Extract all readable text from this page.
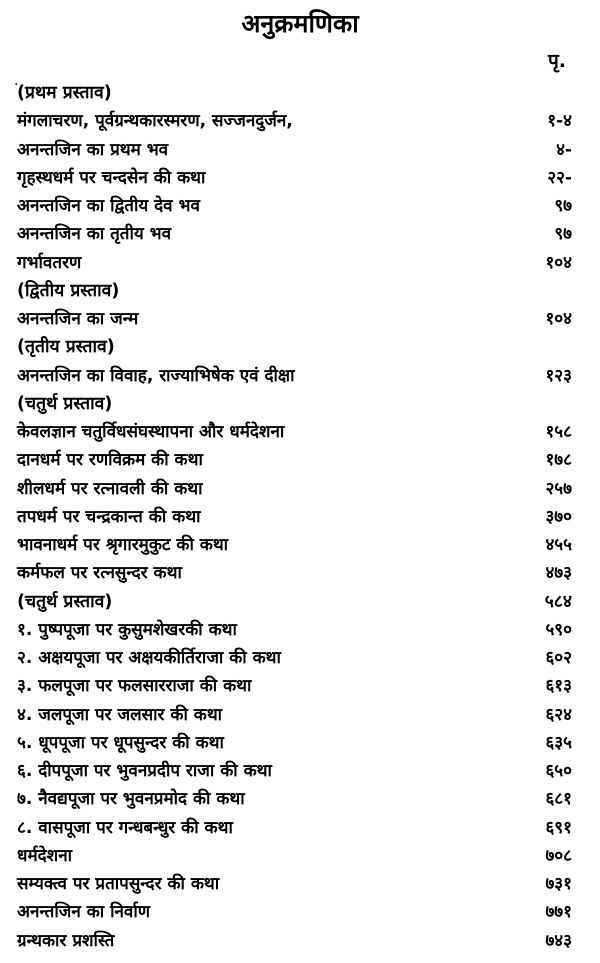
अनुक्रमणिका
पृ.
.
(प्रथम प्रस्ताव)
मंगलाचरण, पूर्वग्रन्थकारस्मरण, सज्जनदुर्जन,	१-४
अनन्तजिन का प्रथम भव	४-
गृहस्थधर्म पर चन्दसेन की कथा	२२-
अनन्तजिन का द्वितीय देव भव	९७
अनन्तजिन का तृतीय भव	९७
गर्भावतरण	१०४
(द्वितीय प्रस्ताव)
अनन्तजिन का जन्म	१०४
(तृतीय प्रस्ताव)
अनन्तजिन का विवाह, राज्याभिषेक एवं दीक्षा	१२३
(चतुर्थ प्रस्ताव)
केवलज्ञान चतुर्विधसंघस्थापना और धर्मदेशना	१५८
दानधर्म पर रणविक्रम की कथा	१७८
शीलधर्म पर रत्नावली की कथा	२५७
तपधर्म पर चन्द्रकान्त की कथा	३७०
भावनाधर्म पर श्रृगारमुकुट की कथा	४५५
कर्मफल पर रत्नसुन्दर कथा	४७३
(चतुर्थ प्रस्ताव)	५८४
१. पुष्पपूजा पर कुसुमशेखरकी कथा	५९०
२. अक्षयपूजा पर अक्षयकीर्तिराजा की कथा	६०२
३. फलपूजा पर फलसारराजा की कथा	६१३
४. जलपूजा पर जलसार की कथा	६२४
५. धूपपूजा पर धूपसुन्दर की कथा	६३५
६. दीपपूजा पर भुवनप्रदीप राजा की कथा	६५०
७. नैवद्यपूजा पर भुवनप्रमोद की कथा	६८१
८. वासपूजा पर गन्धबन्धुर की कथा	६९१
धर्मदेशना	७०८
सम्यक्त्व पर प्रतापसुन्दर की कथा	७३१
अनन्तजिन का निर्वाण	७७१
ग्रन्थकार प्रशस्ति	७४३
